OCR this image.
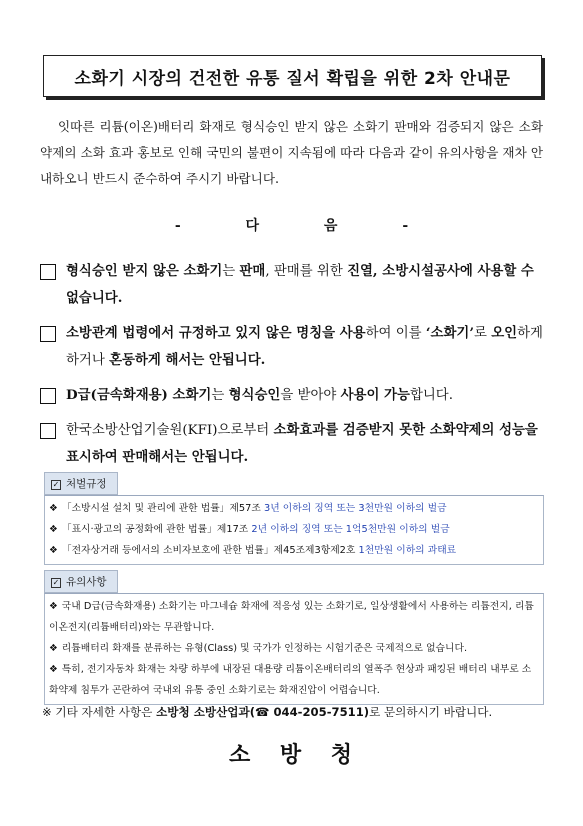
소화기 시장의 건전한 유통 질서 확립을 위한 2차 안내문
잇따른 리튬(이온)배터리 화재로 형식승인 받지 않은 소화기 판매와 검증되지 않은 소화약제의 소화 효과 홍보로 인해 국민의 불편이 지속됨에 따라 다음과 같이 유의사항을 재차 안내하오니 반드시 준수하여 주시기 바랍니다.
- 다 음 -
형식승인 받지 않은 소화기는 판매, 판매를 위한 진열, 소방시설공사에 사용할 수 없습니다.
소방관계 법령에서 규정하고 있지 않은 명칭을 사용하여 이를 ‘소화기’로 오인하게 하거나 혼동하게 해서는 안됩니다.
D급(금속화재용) 소화기는 형식승인을 받아야 사용이 가능합니다.
한국소방산업기술원(KFI)으로부터 소화효과를 검증받지 못한 소화약제의 성능을 표시하여 판매해서는 안됩니다.
✓ 처벌규정
❖ 「소방시설 설치 및 관리에 관한 법률」제57조 3년 이하의 징역 또는 3천만원 이하의 벌금
❖ 「표시·광고의 공정화에 관한 법률」제17조 2년 이하의 징역 또는 1억5천만원 이하의 벌금
❖ 「전자상거래 등에서의 소비자보호에 관한 법률」제45조제3항제2호 1천만원 이하의 과태료
✓ 유의사항
❖ 국내 D급(금속화재용) 소화기는 마그네슘 화재에 적응성 있는 소화기로, 일상생활에서 사용하는 리튬전지, 리튬이온전지(리튬배터리)와는 무관합니다.
❖ 리튬배터리 화재를 분류하는 유형(Class) 및 국가가 인정하는 시험기준은 국제적으로 없습니다.
❖ 특히, 전기자동차 화재는 차량 하부에 내장된 대용량 리튬이온배터리의 열폭주 현상과 패킹된 배터리 내부로 소화약제 침투가 곤란하여 국내외 유통 중인 소화기로는 화재진압이 어렵습니다.
※ 기타 자세한 사항은 소방청 소방산업과(☎ 044-205-7511)로 문의하시기 바랍니다.
소 방 청
